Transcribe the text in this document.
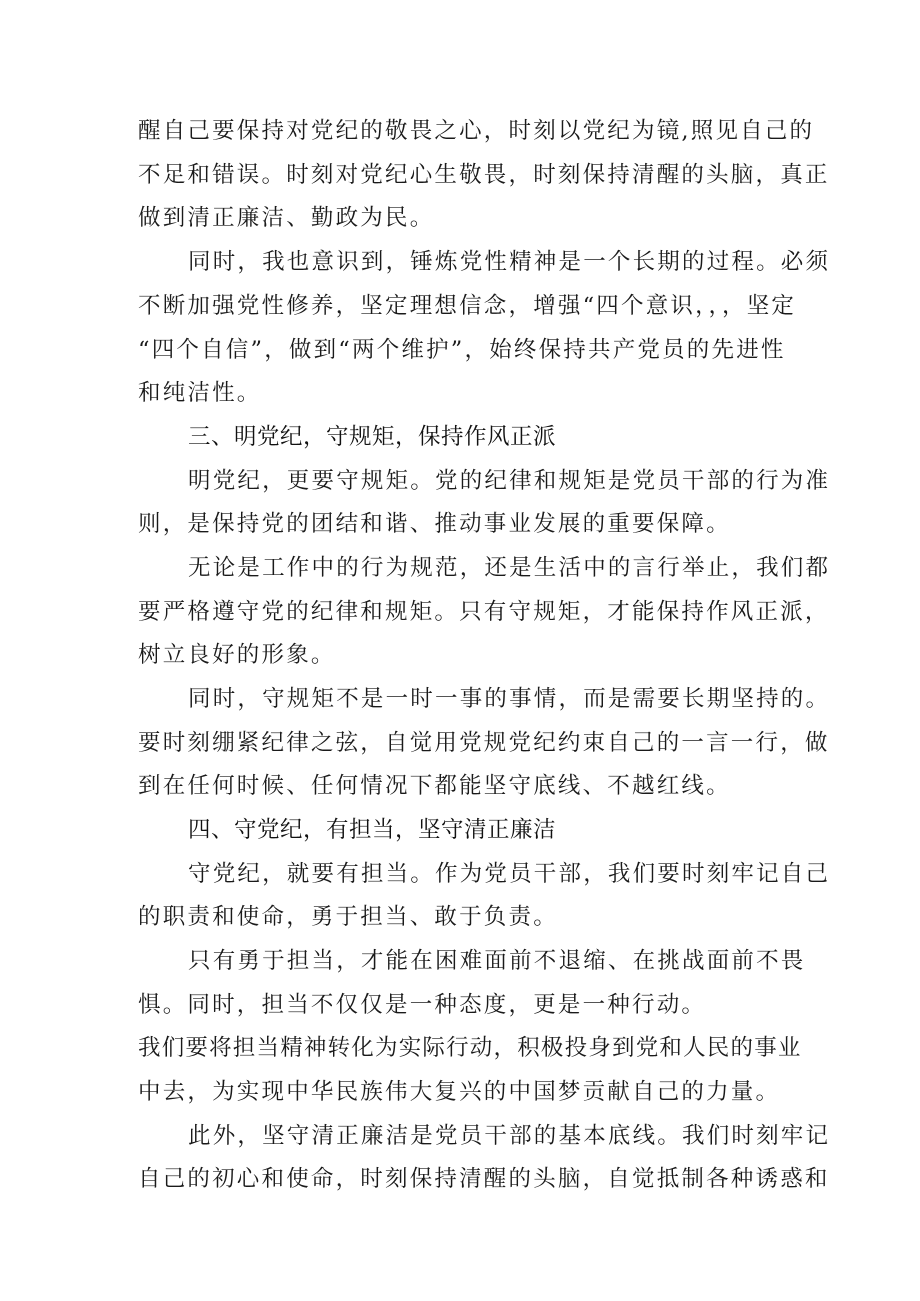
醒自己要保持对党纪的敬畏之心，时刻以党纪为镜,照见自己的
不足和错误。时刻对党纪心生敬畏，时刻保持清醒的头脑，真正
做到清正廉洁、勤政为民。
同时，我也意识到，锤炼党性精神是一个长期的过程。必须
不断加强党性修养，坚定理想信念，增强“四个意识，，，坚定
“四个自信”，做到“两个维护”，始终保持共产党员的先进性
和纯洁性。
三、明党纪，守规矩，保持作风正派
明党纪，更要守规矩。党的纪律和规矩是党员干部的行为准
则，是保持党的团结和谐、推动事业发展的重要保障。
无论是工作中的行为规范，还是生活中的言行举止，我们都
要严格遵守党的纪律和规矩。只有守规矩，才能保持作风正派，
树立良好的形象。
同时，守规矩不是一时一事的事情，而是需要长期坚持的。
要时刻绷紧纪律之弦，自觉用党规党纪约束自己的一言一行，做
到在任何时候、任何情况下都能坚守底线、不越红线。
四、守党纪，有担当，坚守清正廉洁
守党纪，就要有担当。作为党员干部，我们要时刻牢记自己
的职责和使命，勇于担当、敢于负责。
只有勇于担当，才能在困难面前不退缩、在挑战面前不畏
惧。同时，担当不仅仅是一种态度，更是一种行动。
我们要将担当精神转化为实际行动，积极投身到党和人民的事业
中去，为实现中华民族伟大复兴的中国梦贡献自己的力量。
此外，坚守清正廉洁是党员干部的基本底线。我们时刻牢记
自己的初心和使命，时刻保持清醒的头脑，自觉抵制各种诱惑和
